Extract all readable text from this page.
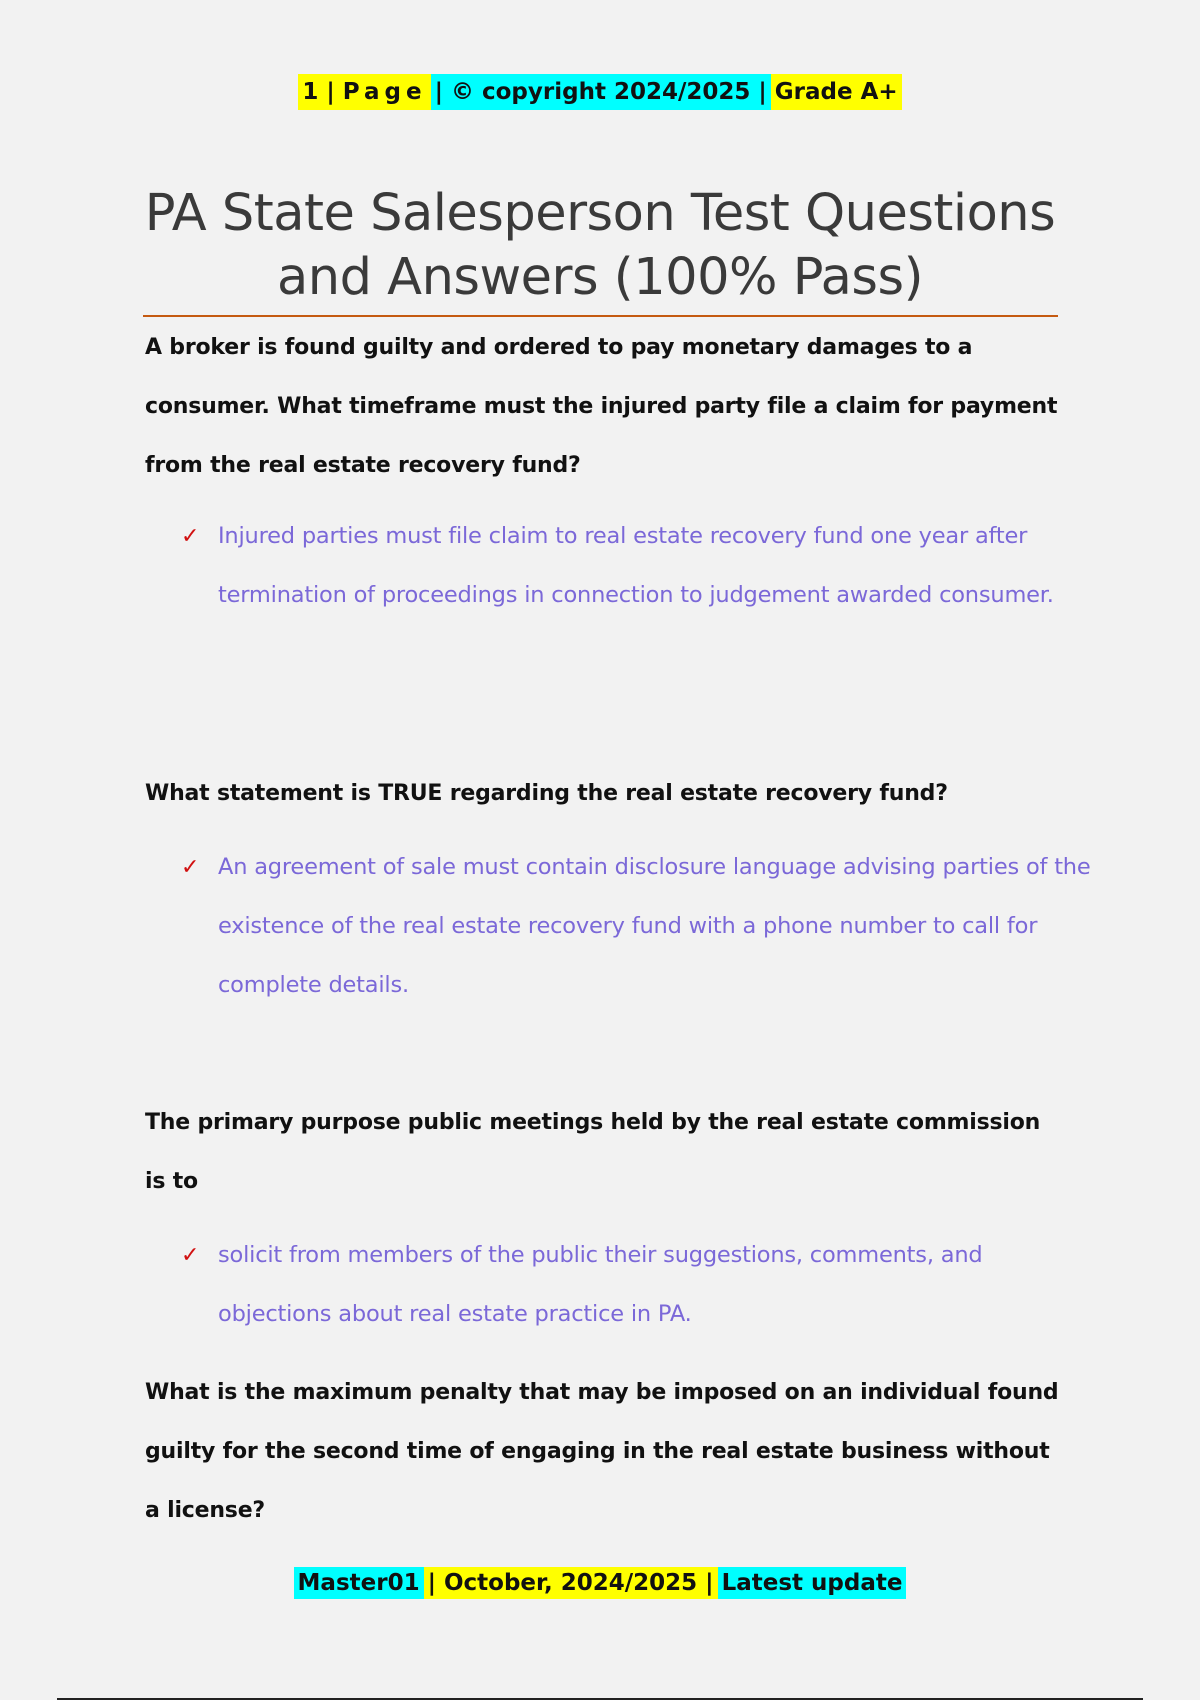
1 | Page| © copyright 2024/2025 |Grade A+
PA State Salesperson Test Questions
and Answers (100% Pass)

A broker is found guilty and ordered to pay monetary damages to a consumer. What timeframe must the injured party file a claim for payment from the real estate recovery fund?

✓ Injured parties must file claim to real estate recovery fund one year after termination of proceedings in connection to judgement awarded consumer.

What statement is TRUE regarding the real estate recovery fund?

✓ An agreement of sale must contain disclosure language advising parties of the existence of the real estate recovery fund with a phone number to call for complete details.

The primary purpose public meetings held by the real estate commission is to

✓ solicit from members of the public their suggestions, comments, and objections about real estate practice in PA.

What is the maximum penalty that may be imposed on an individual found guilty for the second time of engaging in the real estate business without a license?

Master01| October, 2024/2025 |Latest update
